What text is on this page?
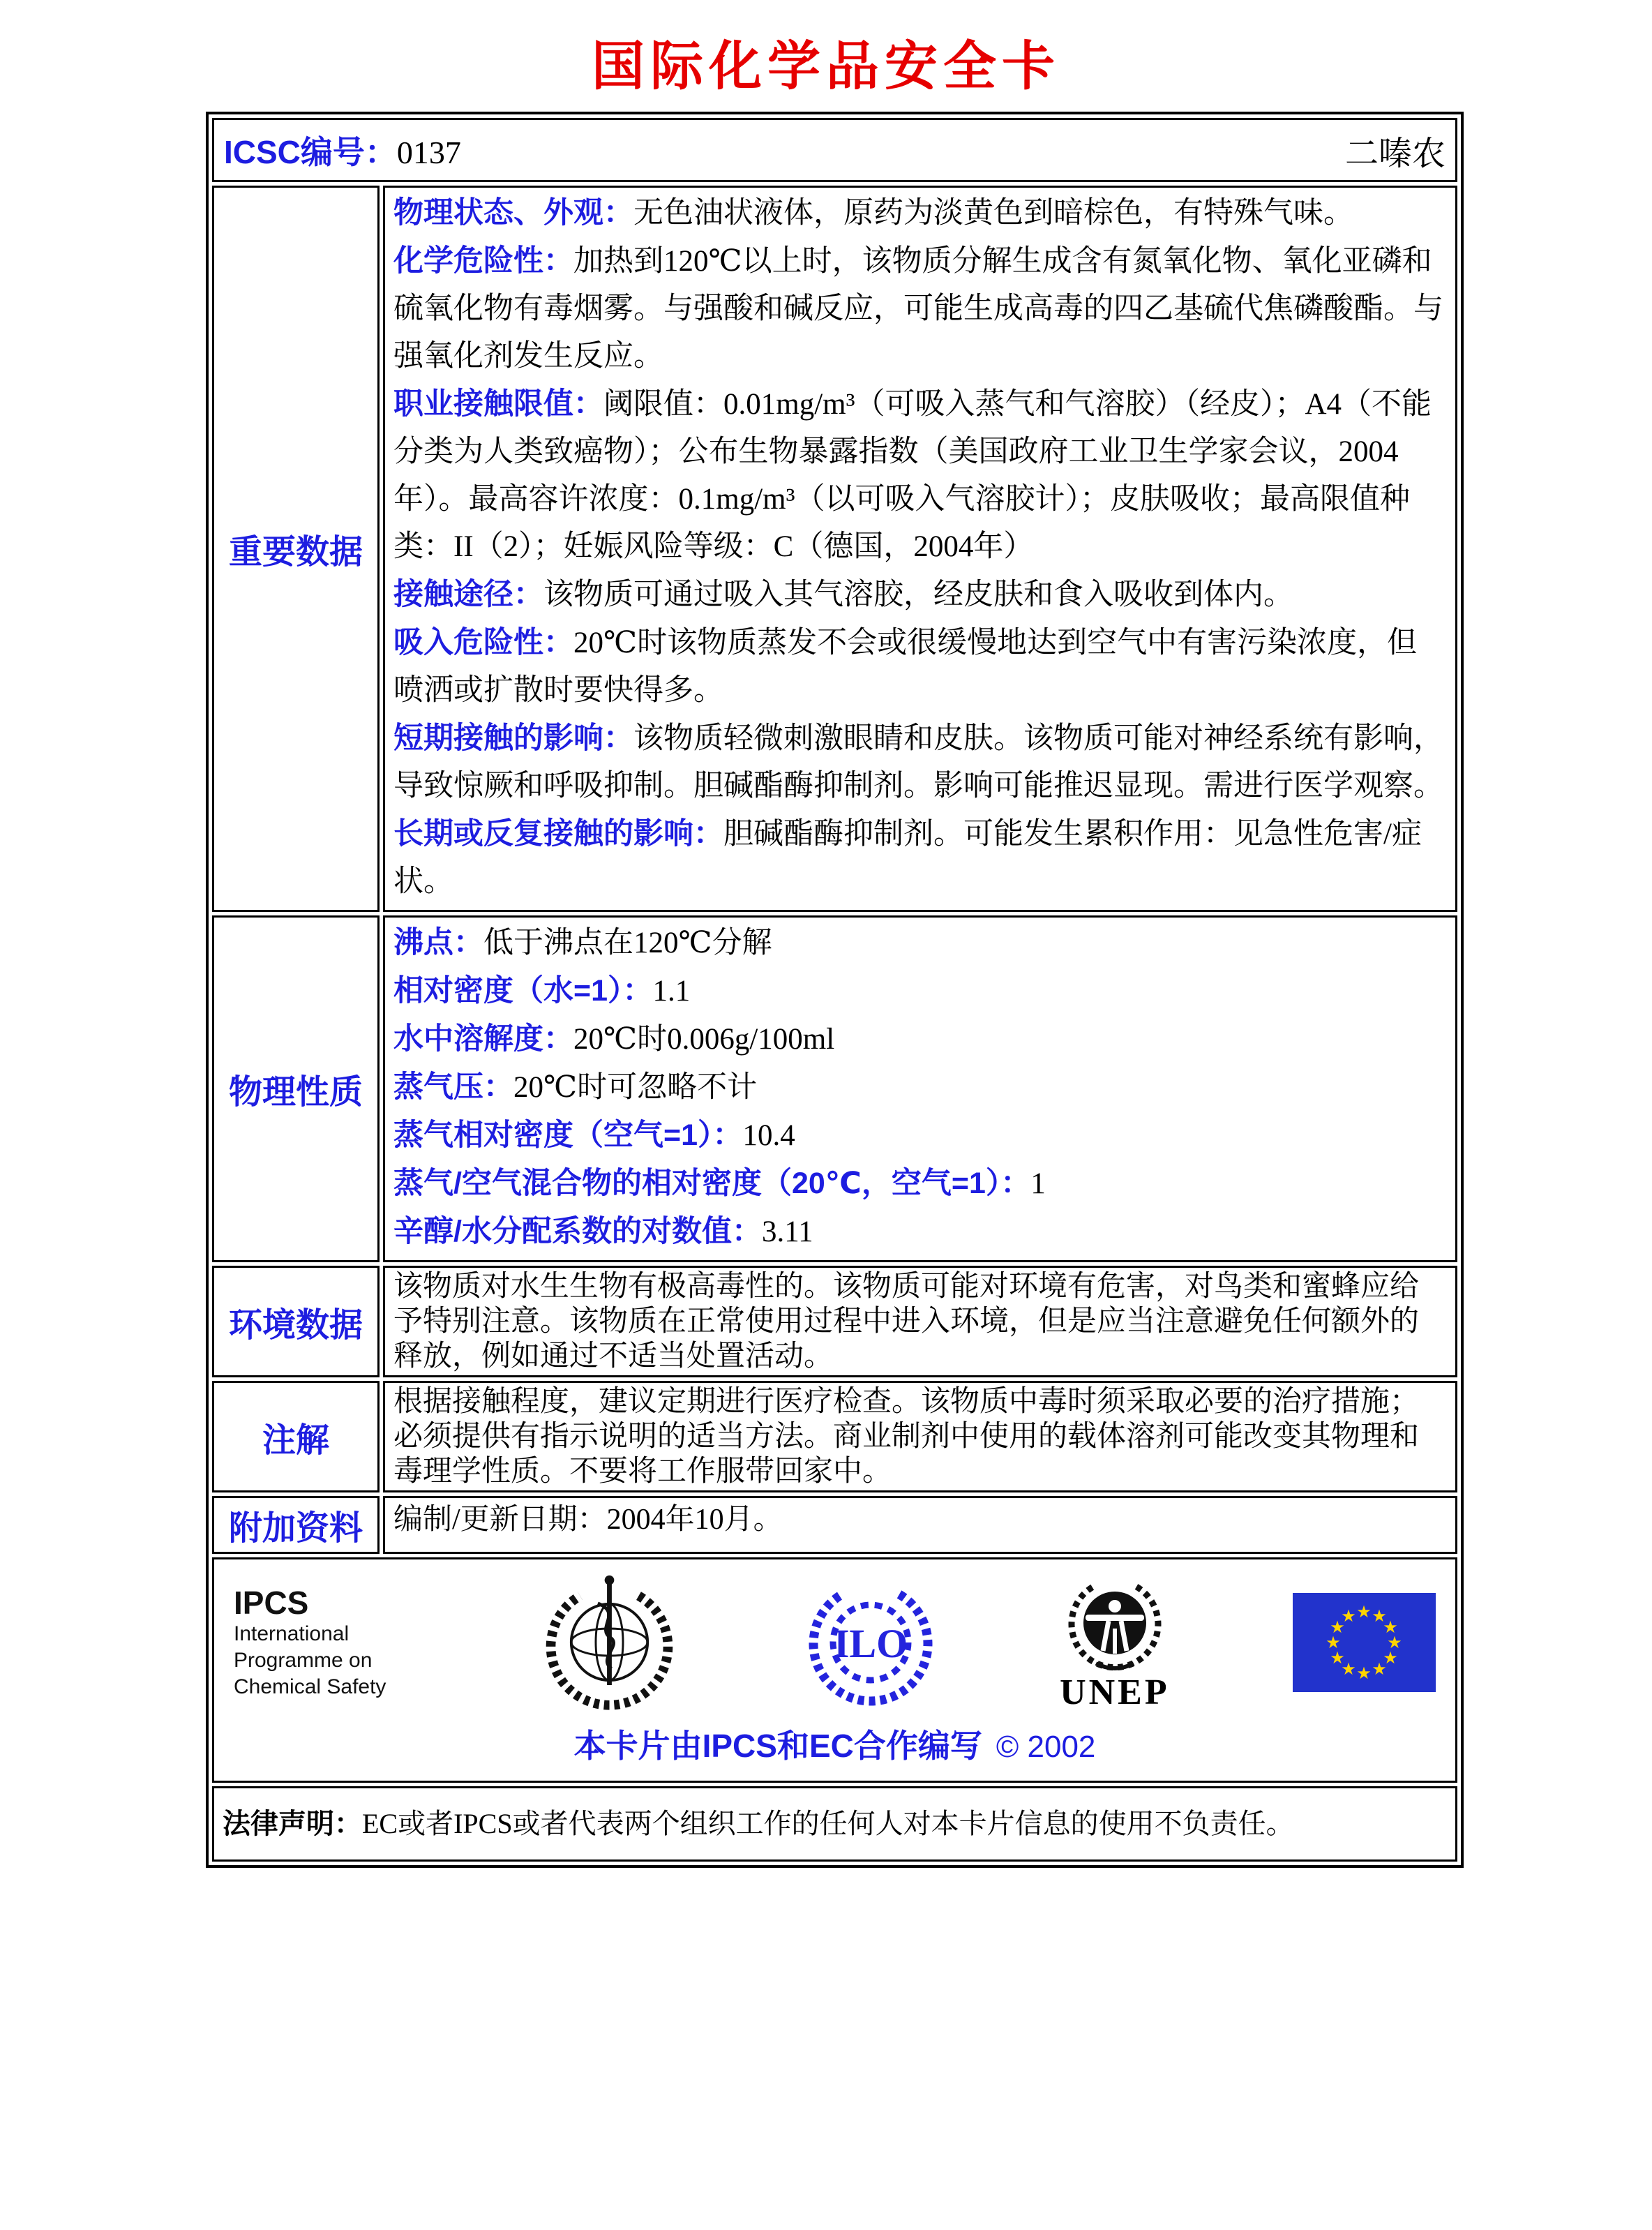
国际化学品安全卡
ICSC编号：0137 二嗪农	

重要数据	
物理状态、外观：无色油状液体，原药为淡黄色到暗棕色，有特殊气味。
化学危险性：加热到120℃以上时，该物质分解生成含有氮氧化物、氧化亚磷和硫氧化物有毒烟雾。与强酸和碱反应，可能生成高毒的四乙基硫代焦磷酸酯。与强氧化剂发生反应。
职业接触限值：阈限值：0.01mg/m³（可吸入蒸气和气溶胶）（经皮）；A4（不能分类为人类致癌物）；公布生物暴露指数（美国政府工业卫生学家会议，2004年）。最高容许浓度：0.1mg/m³（以可吸入气溶胶计）；皮肤吸收；最高限值种类：II（2）；妊娠风险等级：C（德国，2004年）
接触途径：该物质可通过吸入其气溶胶，经皮肤和食入吸收到体内。
吸入危险性：20℃时该物质蒸发不会或很缓慢地达到空气中有害污染浓度，但喷洒或扩散时要快得多。
短期接触的影响：该物质轻微刺激眼睛和皮肤。该物质可能对神经系统有影响，导致惊厥和呼吸抑制。胆碱酯酶抑制剂。影响可能推迟显现。需进行医学观察。
长期或反复接触的影响：胆碱酯酶抑制剂。可能发生累积作用：见急性危害/症状。

物理性质	
沸点：低于沸点在120℃分解
相对密度（水=1）：1.1
水中溶解度：20℃时0.006g/100ml
蒸气压：20℃时可忽略不计
蒸气相对密度（空气=1）：10.4
蒸气/空气混合物的相对密度（20℃，空气=1）：1
辛醇/水分配系数的对数值：3.11

环境数据	该物质对水生生物有极高毒性的。该物质可能对环境有危害，对鸟类和蜜蜂应给予特别注意。该物质在正常使用过程中进入环境，但是应当注意避免任何额外的释放，例如通过不适当处置活动。

注解	根据接触程度，建议定期进行医疗检查。该物质中毒时须采取必要的治疗措施；必须提供有指示说明的适当方法。商业制剂中使用的载体溶剂可能改变其物理和毒理学性质。不要将工作服带回家中。

附加资料	编制/更新日期：2004年10月。

IPCS
International
Programme on
Chemical Safety
ILO
UNEP
★ ★
★
★
★
★
★
★
★
★
★
★
本卡片由IPCS和EC合作编写 © 2002

法律声明：EC或者IPCS或者代表两个组织工作的任何人对本卡片信息的使用不负责任。	
